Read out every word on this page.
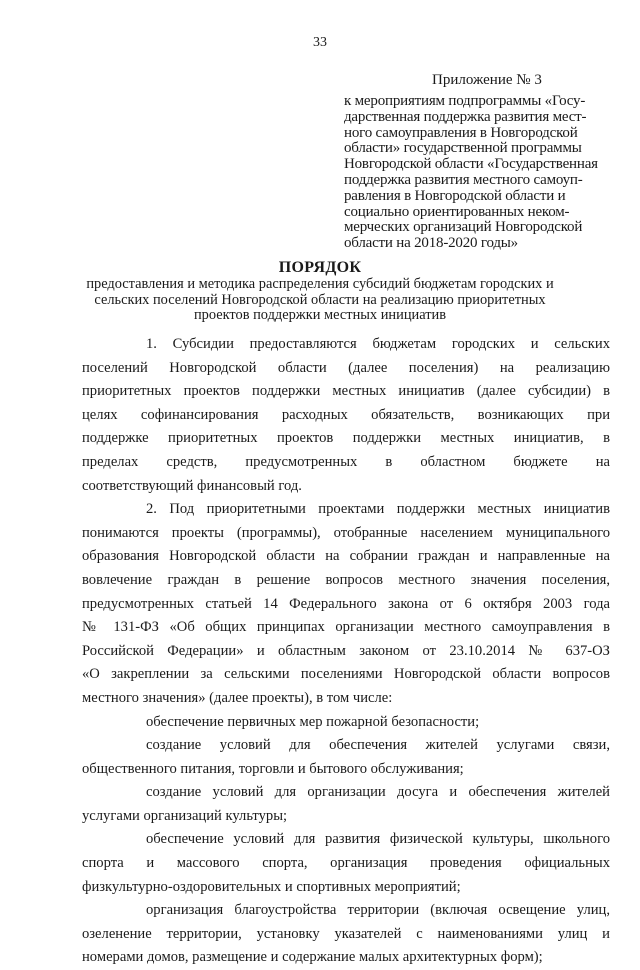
33
Приложение № 3
к мероприятиям подпрограммы «Госу-
дарственная поддержка развития мест-
ного самоуправления в Новгородской
области» государственной программы
Новгородской области «Государственная
поддержка развития местного самоуп-
равления в Новгородской области и
социально ориентированных неком-
мерческих организаций Новгородской
области на 2018-2020 годы»
ПОРЯДОК
предоставления и методика распределения субсидий бюджетам городских и
сельских поселений Новгородской области на реализацию приоритетных
проектов поддержки местных инициатив
1. Субсидии предоставляются бюджетам городских и сельских
поселений Новгородской области (далее поселения) на реализацию
приоритетных проектов поддержки местных инициатив (далее субсидии) в
целях софинансирования расходных обязательств, возникающих при
поддержке приоритетных проектов поддержки местных инициатив, в
пределах средств, предусмотренных в областном бюджете на
соответствующий финансовый год.
2. Под приоритетными проектами поддержки местных инициатив
понимаются проекты (программы), отобранные населением муниципального
образования Новгородской области на собрании граждан и направленные на
вовлечение граждан в решение вопросов местного значения поселения,
предусмотренных статьей 14 Федерального закона от 6 октября 2003 года
№ 131-ФЗ «Об общих принципах организации местного самоуправления в
Российской Федерации» и областным законом от 23.10.2014 № 637-ОЗ
«О закреплении за сельскими поселениями Новгородской области вопросов
местного значения» (далее проекты), в том числе:
обеспечение первичных мер пожарной безопасности;
создание условий для обеспечения жителей услугами связи,
общественного питания, торговли и бытового обслуживания;
создание условий для организации досуга и обеспечения жителей
услугами организаций культуры;
обеспечение условий для развития физической культуры, школьного
спорта и массового спорта, организация проведения официальных
физкультурно-оздоровительных и спортивных мероприятий;
организация благоустройства территории (включая освещение улиц,
озеленение территории, установку указателей с наименованиями улиц и
номерами домов, размещение и содержание малых архитектурных форм);
